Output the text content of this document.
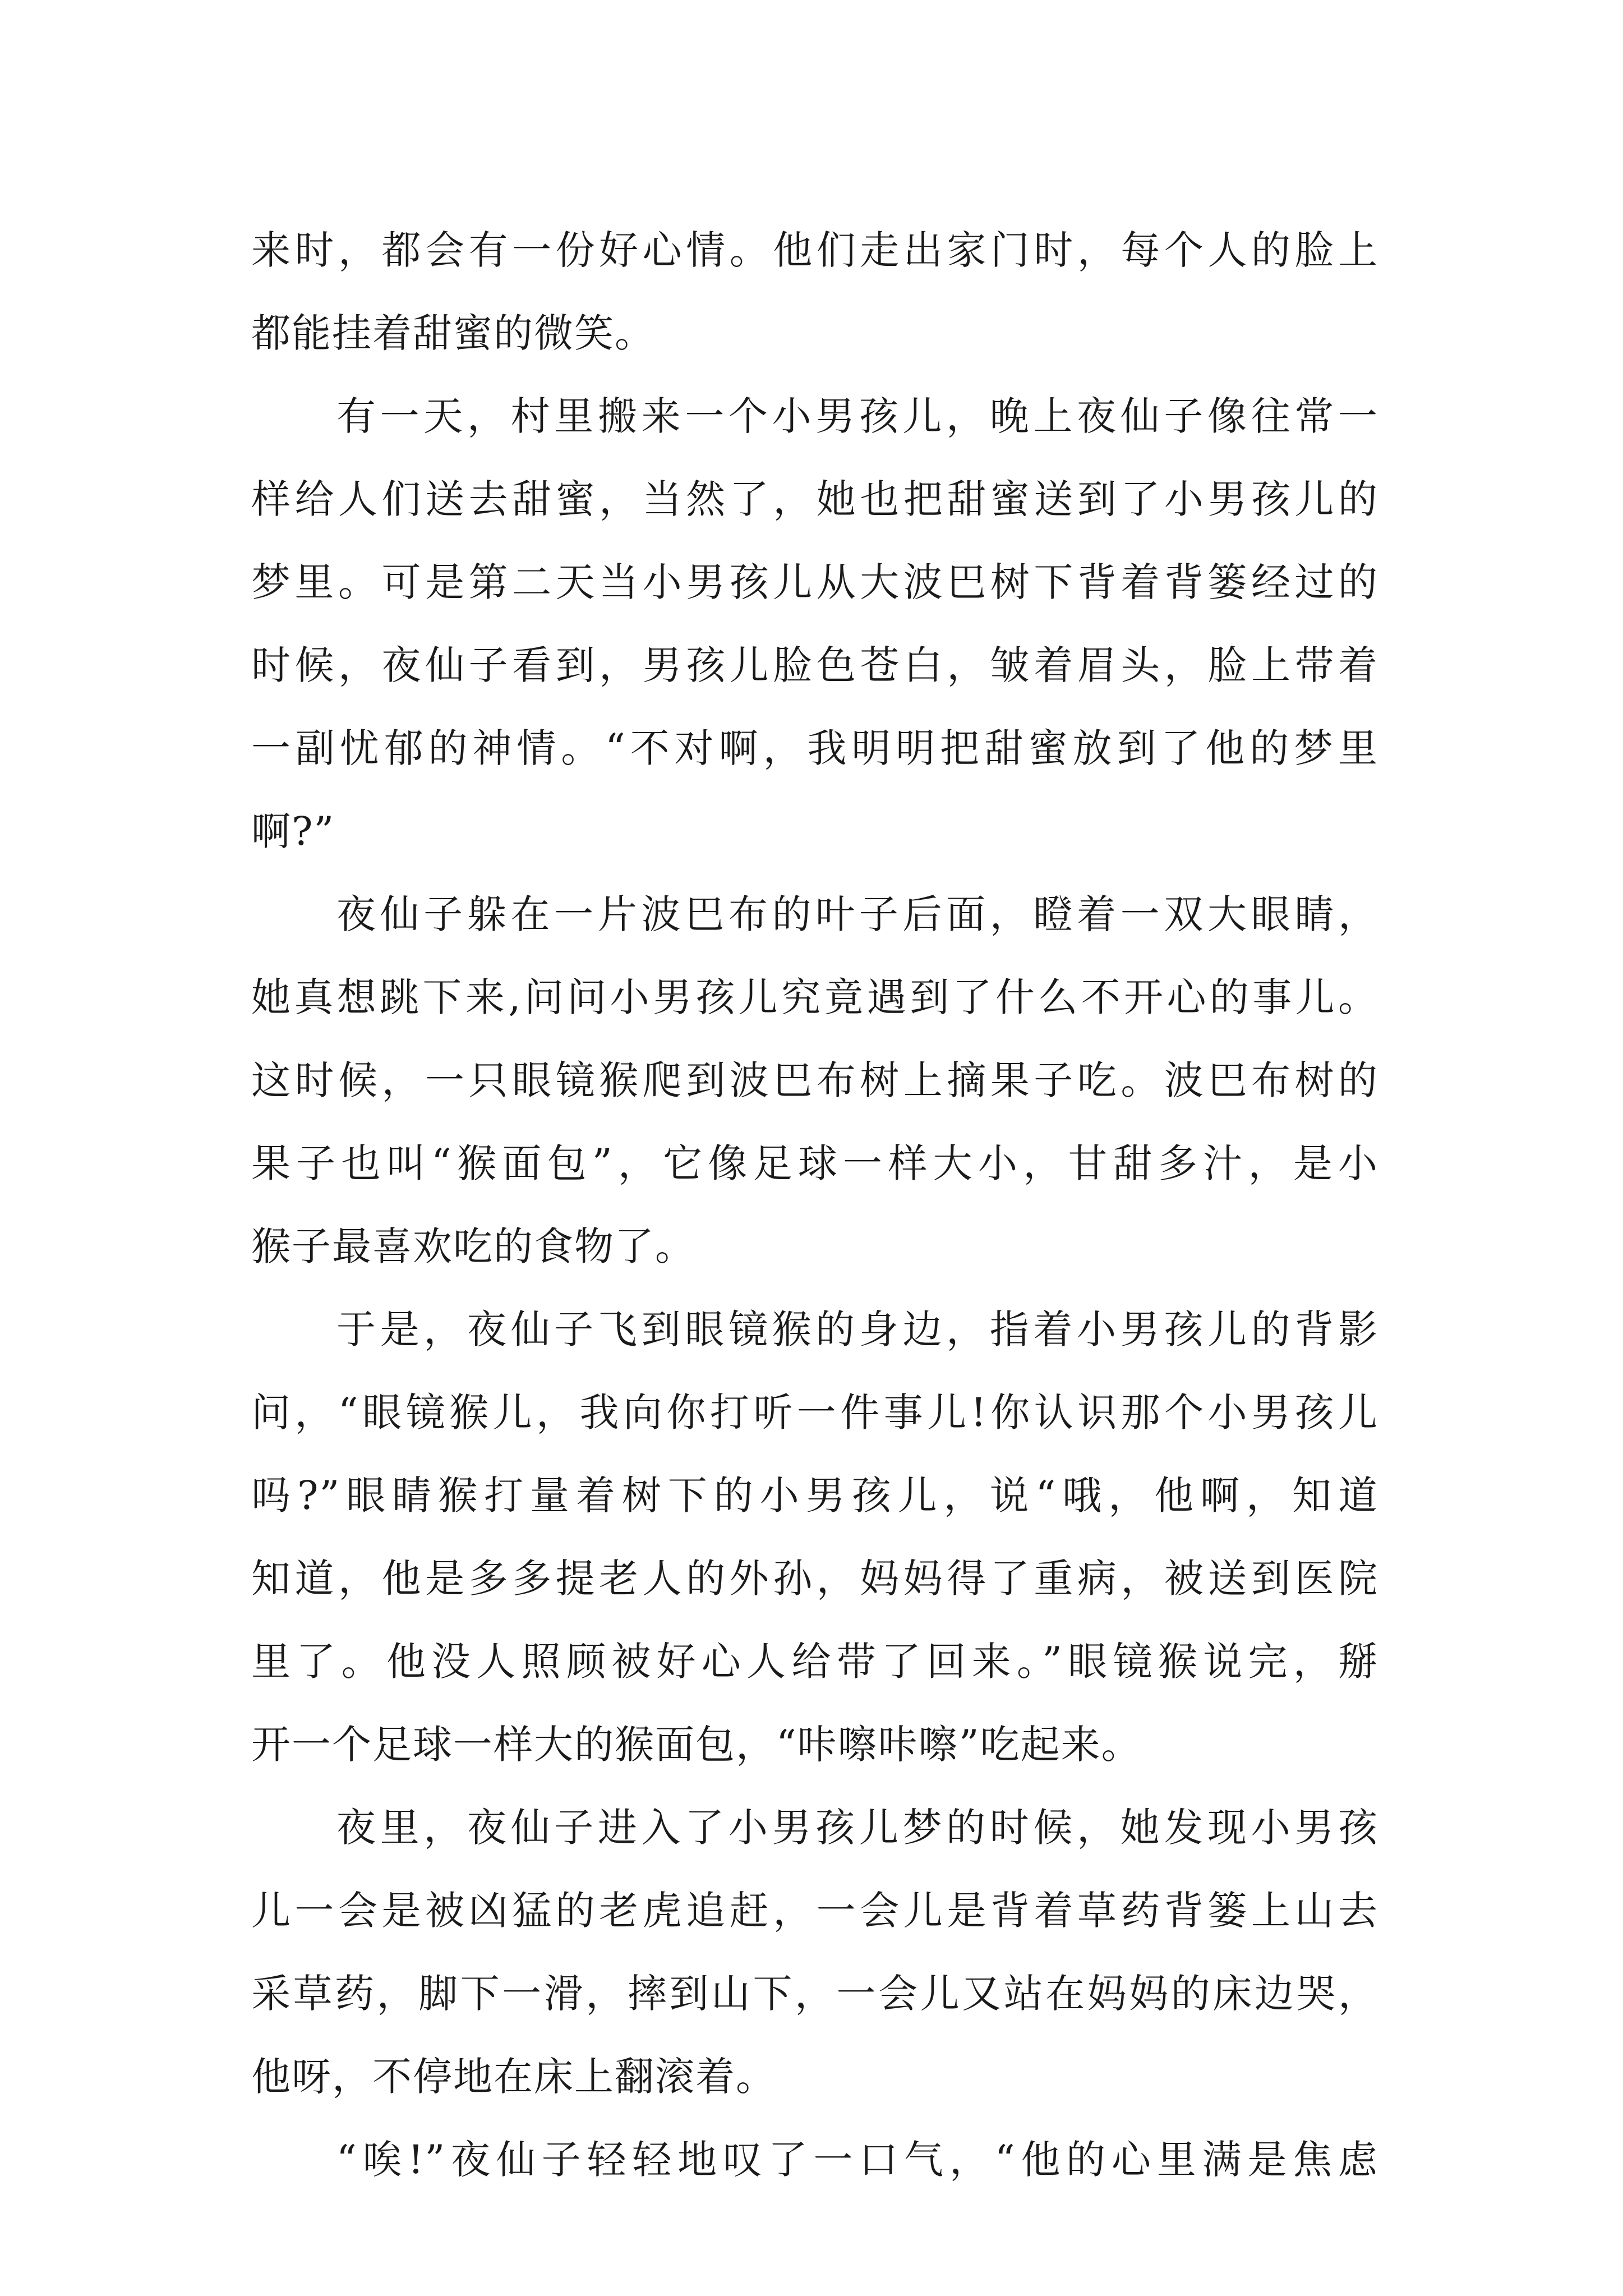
来时，都会有一份好心情。他们走出家门时，每个人的脸上
都能挂着甜蜜的微笑。
有一天，村里搬来一个小男孩儿，晚上夜仙子像往常一
样给人们送去甜蜜，当然了，她也把甜蜜送到了小男孩儿的
梦里。可是第二天当小男孩儿从大波巴树下背着背篓经过的
时候，夜仙子看到，男孩儿脸色苍白，皱着眉头，脸上带着
一副忧郁的神情。“不对啊，我明明把甜蜜放到了他的梦里
啊?”
夜仙子躲在一片波巴布的叶子后面，瞪着一双大眼睛，
她真想跳下来,问问小男孩儿究竟遇到了什么不开心的事儿。
这时候，一只眼镜猴爬到波巴布树上摘果子吃。波巴布树的
果子也叫“猴面包”，它像足球一样大小，甘甜多汁，是小
猴子最喜欢吃的食物了。
于是，夜仙子飞到眼镜猴的身边，指着小男孩儿的背影
问，“眼镜猴儿，我向你打听一件事儿!你认识那个小男孩儿
吗?”眼睛猴打量着树下的小男孩儿，说“哦，他啊，知道
知道，他是多多提老人的外孙，妈妈得了重病，被送到医院
里了。他没人照顾被好心人给带了回来。”眼镜猴说完，掰
开一个足球一样大的猴面包，“咔嚓咔嚓”吃起来。
夜里，夜仙子进入了小男孩儿梦的时候，她发现小男孩
儿一会是被凶猛的老虎追赶，一会儿是背着草药背篓上山去
采草药，脚下一滑，摔到山下，一会儿又站在妈妈的床边哭，
他呀，不停地在床上翻滚着。
“唉!”夜仙子轻轻地叹了一口气，“他的心里满是焦虑
